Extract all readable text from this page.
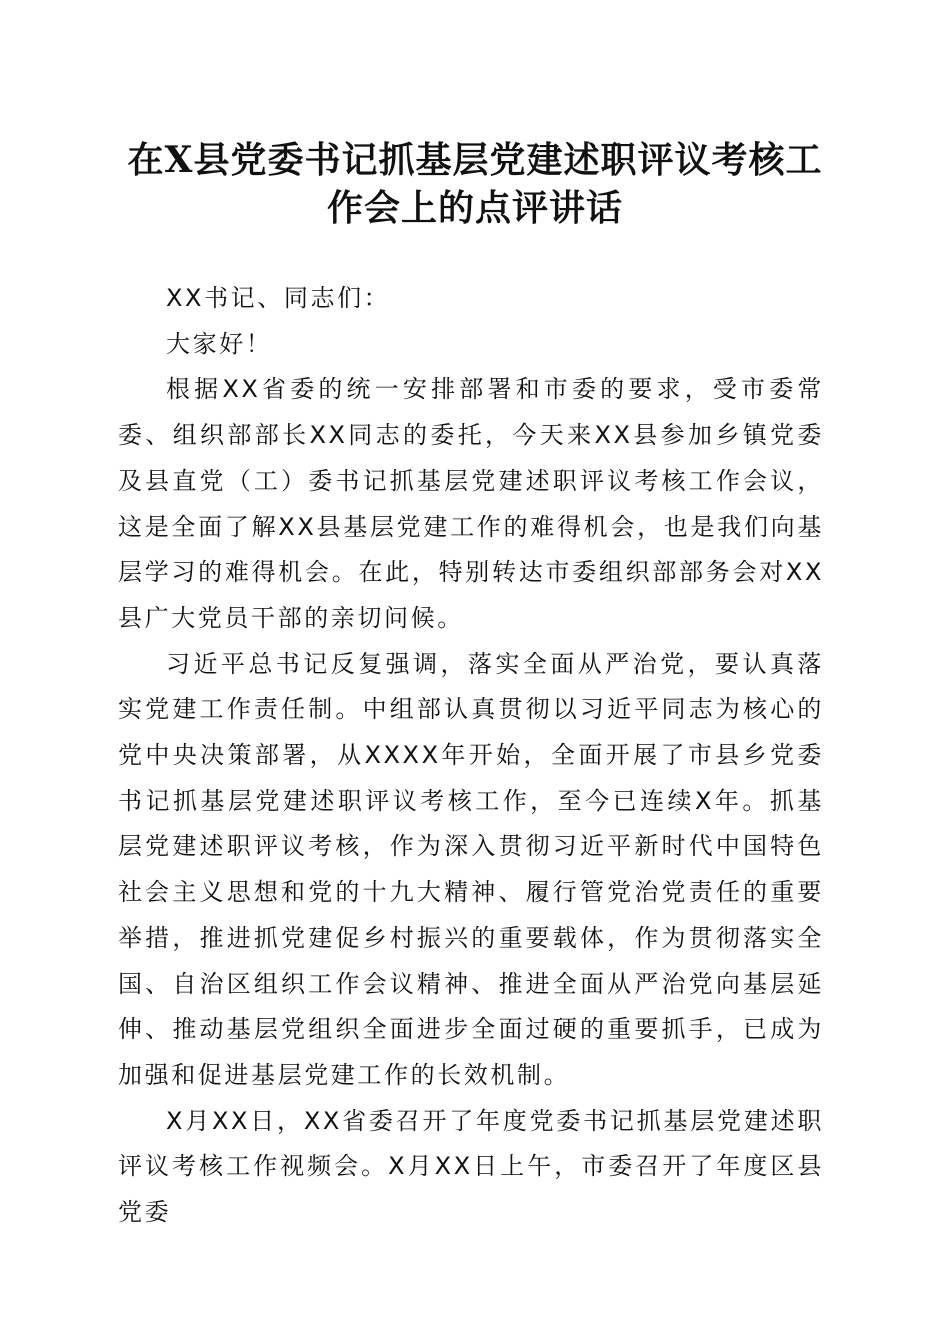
在X县党委书记抓基层党建述职评议考核工作会上的点评讲话

XX书记、同志们：

大家好！

根据XX省委的统一安排部署和市委的要求，受市委常委、组织部部长XX同志的委托，今天来XX县参加乡镇党委及县直党（工）委书记抓基层党建述职评议考核工作会议，这是全面了解XX县基层党建工作的难得机会，也是我们向基层学习的难得机会。在此，特别转达市委组织部部务会对XX县广大党员干部的亲切问候。

习近平总书记反复强调，落实全面从严治党，要认真落实党建工作责任制。中组部认真贯彻以习近平同志为核心的党中央决策部署，从XXXX年开始，全面开展了市县乡党委书记抓基层党建述职评议考核工作，至今已连续X年。抓基层党建述职评议考核，作为深入贯彻习近平新时代中国特色社会主义思想和党的十九大精神、履行管党治党责任的重要举措，推进抓党建促乡村振兴的重要载体，作为贯彻落实全国、自治区组织工作会议精神、推进全面从严治党向基层延伸、推动基层党组织全面进步全面过硬的重要抓手，已成为加强和促进基层党建工作的长效机制。

X月XX日，XX省委召开了年度党委书记抓基层党建述职评议考核工作视频会。X月XX日上午，市委召开了年度区县党委
